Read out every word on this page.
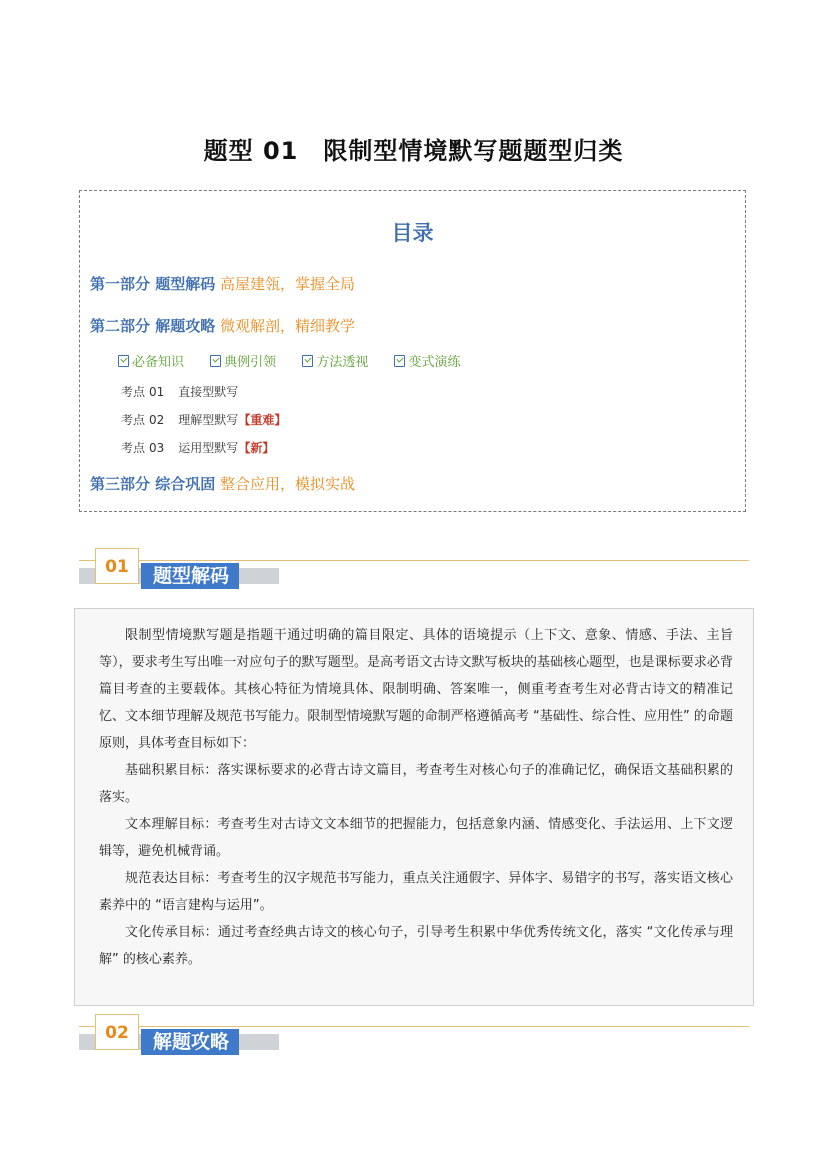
题型 01　限制型情境默写题题型归类
目录
第一部分 题型解码 高屋建瓴，掌握全局
第二部分 解题攻略 微观解剖，精细教学
必备知识	典例引领	方法透视	变式演练
考点 01 直接型默写
考点 02 理解型默写【重难】
考点 03 运用型默写【新】
第三部分 综合巩固 整合应用，模拟实战
题型解码
01

限制型情境默写题是指题干通过明确的篇目限定、具体的语境提示（上下文、意象、情感、手法、主旨等），要求考生写出唯一对应句子的默写题型。是高考语文古诗文默写板块的基础核心题型，也是课标要求必背篇目考查的主要载体。其核心特征为情境具体、限制明确、答案唯一，侧重考查考生对必背古诗文的精准记忆、文本细节理解及规范书写能力。限制型情境默写题的命制严格遵循高考 “基础性、综合性、应用性” 的命题原则，具体考查目标如下：

基础积累目标：落实课标要求的必背古诗文篇目，考查考生对核心句子的准确记忆，确保语文基础积累的落实。

文本理解目标：考查考生对古诗文文本细节的把握能力，包括意象内涵、情感变化、手法运用、上下文逻辑等，避免机械背诵。

规范表达目标：考查考生的汉字规范书写能力，重点关注通假字、异体字、易错字的书写，落实语文核心素养中的 “语言建构与运用”。

文化传承目标：通过考查经典古诗文的核心句子，引导考生积累中华优秀传统文化，落实 “文化传承与理解” 的核心素养。

解题攻略
02
